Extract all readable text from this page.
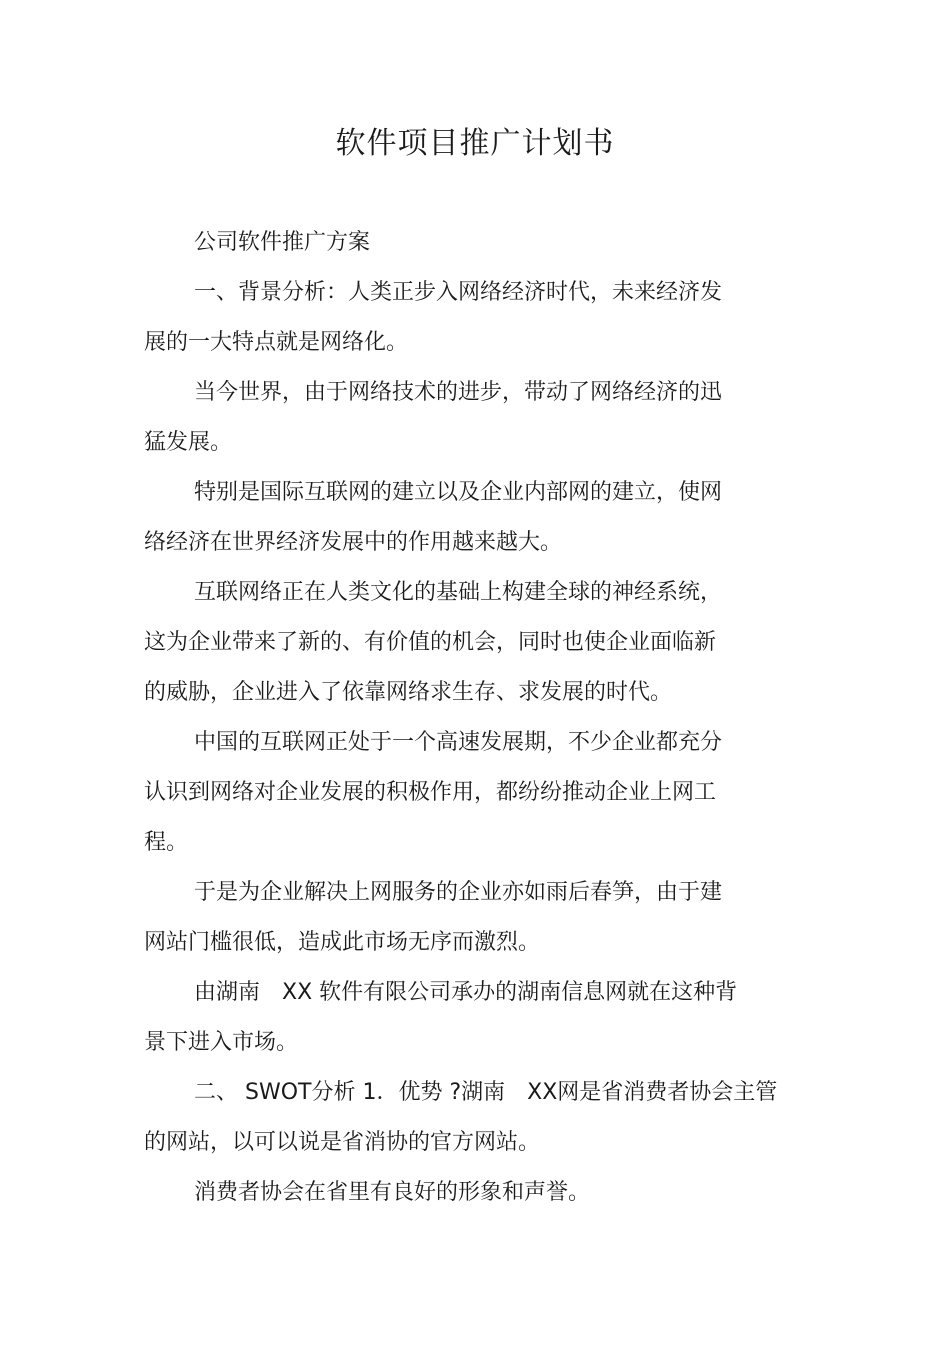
软件项目推广计划书

公司软件推广方案

一、背景分析：人类正步入网络经济时代，未来经济发
展的一大特点就是网络化。

当今世界，由于网络技术的进步，带动了网络经济的迅
猛发展。

特别是国际互联网的建立以及企业内部网的建立，使网
络经济在世界经济发展中的作用越来越大。

互联网络正在人类文化的基础上构建全球的神经系统，
这为企业带来了新的、有价值的机会，同时也使企业面临新
的威胁，企业进入了依靠网络求生存、求发展的时代。

中国的互联网正处于一个高速发展期，不少企业都充分
认识到网络对企业发展的积极作用，都纷纷推动企业上网工
程。

于是为企业解决上网服务的企业亦如雨后春笋，由于建
网站门槛很低，造成此市场无序而激烈。

由湖南　XX 软件有限公司承办的湖南信息网就在这种背
景下进入市场。

二、 SWOT分析 1．优势 ?湖南　XX网是省消费者协会主管
的网站，以可以说是省消协的官方网站。

消费者协会在省里有良好的形象和声誉。
